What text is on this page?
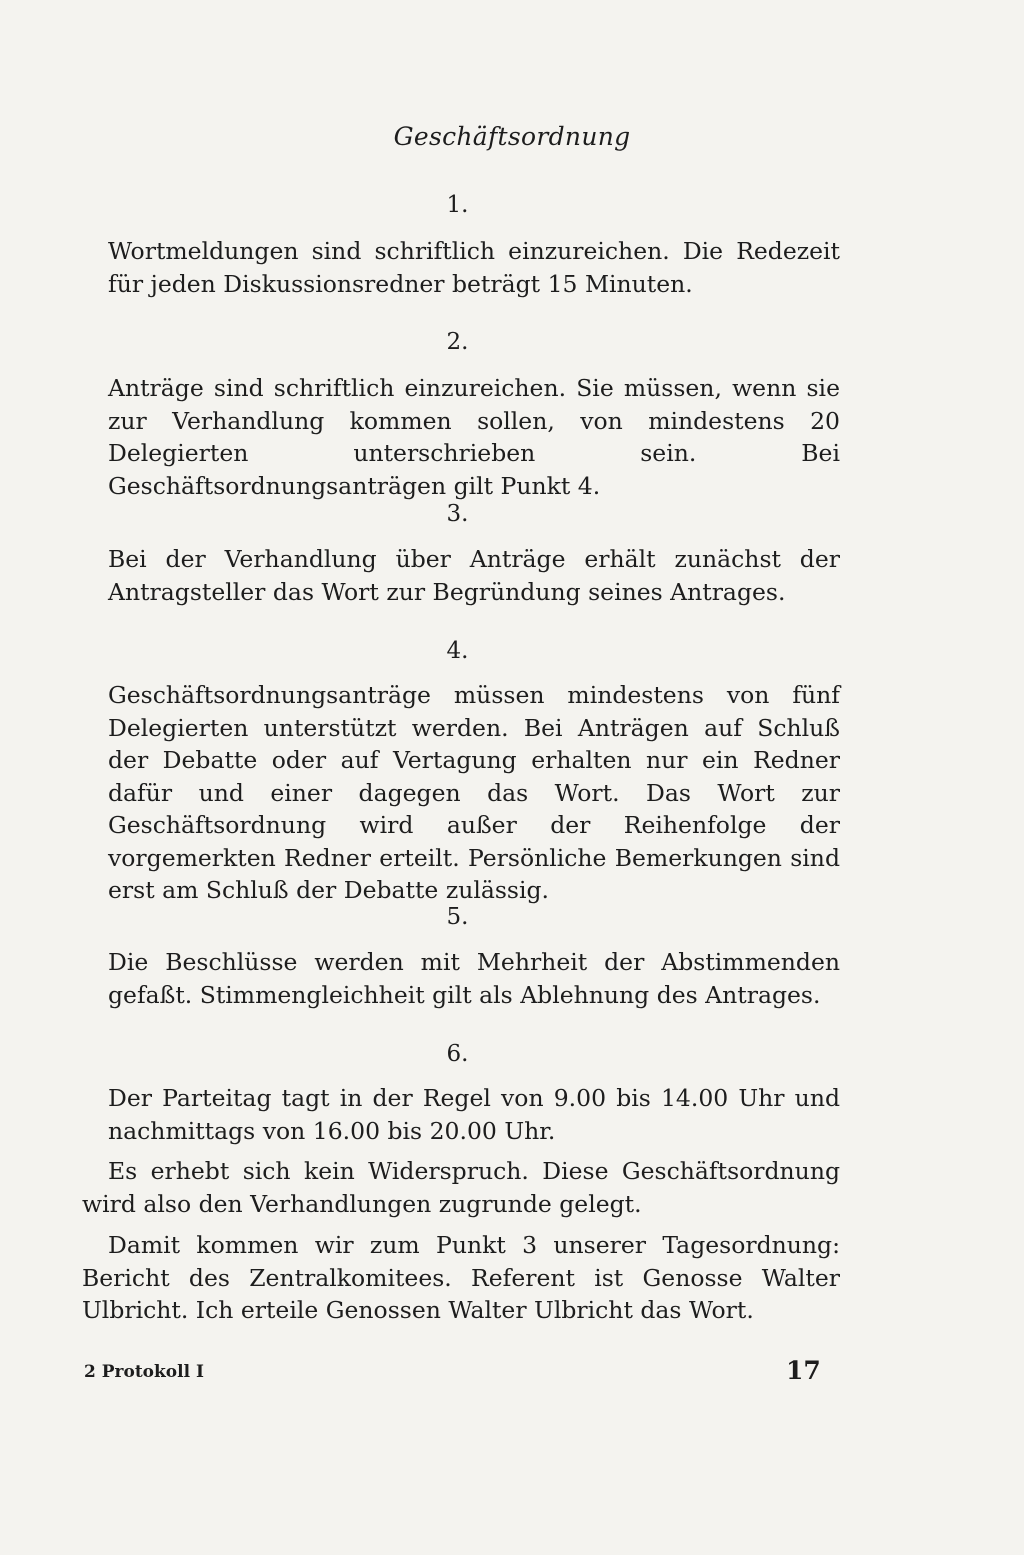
Geschäftsordnung
1.

Wortmeldungen sind schriftlich einzureichen. Die Redezeit für jeden Diskussionsredner beträgt 15 Minuten.

2.

Anträge sind schriftlich einzureichen. Sie müssen, wenn sie zur Verhandlung kommen sollen, von mindestens 20 Delegierten unterschrieben sein. Bei Geschäftsordnungsanträgen gilt Punkt 4.

3.

Bei der Verhandlung über Anträge erhält zunächst der Antragsteller das Wort zur Begründung seines Antrages.

4.

Geschäftsordnungsanträge müssen mindestens von fünf Delegierten unterstützt werden. Bei Anträgen auf Schluß der Debatte oder auf Vertagung erhalten nur ein Redner dafür und einer dagegen das Wort. Das Wort zur Geschäftsordnung wird außer der Reihenfolge der vorgemerkten Redner erteilt. Persönliche Bemerkungen sind erst am Schluß der Debatte zulässig.

5.

Die Beschlüsse werden mit Mehrheit der Abstimmenden gefaßt. Stimmengleichheit gilt als Ablehnung des Antrages.

6.

Der Parteitag tagt in der Regel von 9.00 bis 14.00 Uhr und nachmittags von 16.00 bis 20.00 Uhr.

Es erhebt sich kein Widerspruch. Diese Geschäftsordnung wird also den Verhandlungen zugrunde gelegt.

Damit kommen wir zum Punkt 3 unserer Tagesordnung: Bericht des Zentralkomitees. Referent ist Genosse Walter Ulbricht. Ich erteile Genossen Walter Ulbricht das Wort.

2 Protokoll I	17
